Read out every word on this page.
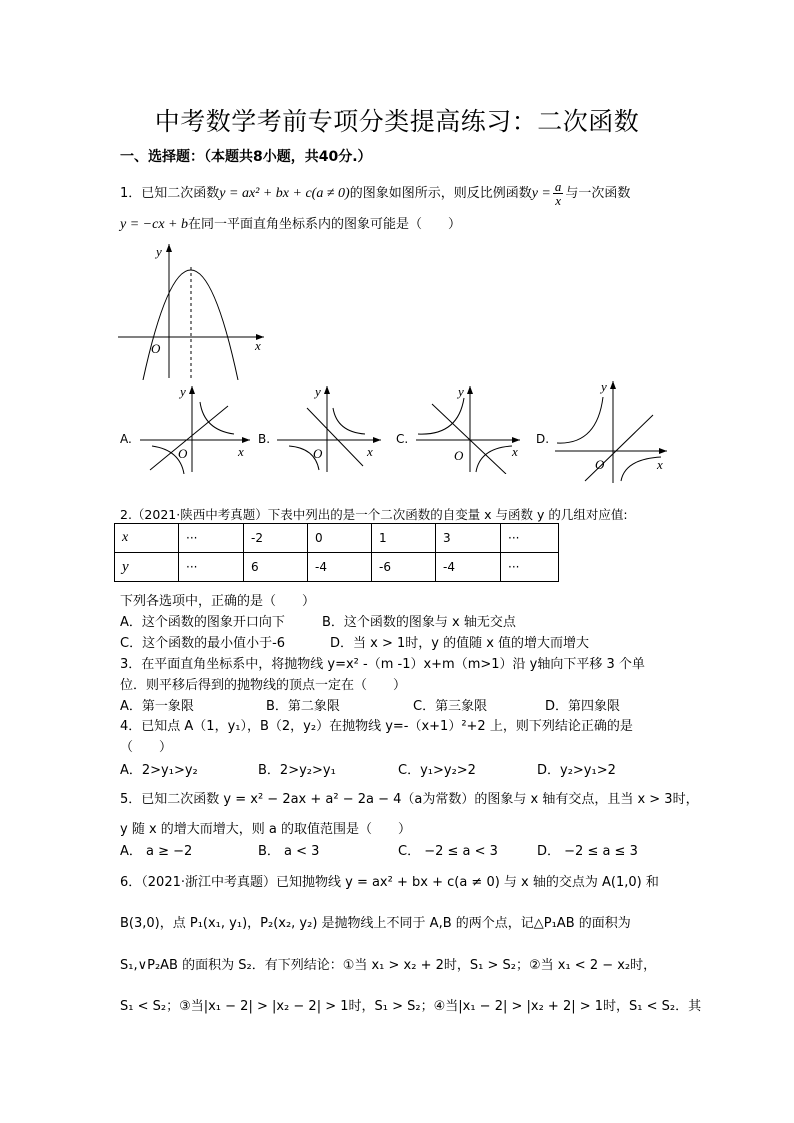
中考数学考前专项分类提高练习：二次函数
一、选择题：（本题共8小题，共40分.）
1．已知二次函数y = ax² + bx + c(a ≠ 0)的图象如图所示，则反比例函数$y = \frac{a}{x}$ 与一次函数
y = −cx + b在同一平面直角坐标系内的图象可能是（　　）
y
x
O
A.
y
x
O
B.
y
x
O
C.
y
x
O
D.
y
x
O
2.（2021·陕西中考真题）下表中列出的是一个二次函数的自变量 x 与函数 y 的几组对应值:
x	···	-2	0	1	3	···
y	···	6	-4	-6	-4	···
下列各选项中，正确的是（　　）
A．这个函数的图象开口向下	B．这个函数的图象与 x 轴无交点
C．这个函数的最小值小于-6	D．当 x > 1时，y 的值随 x 值的增大而增大
3．在平面直角坐标系中，将抛物线 y=x² -（m -1）x+m（m>1）沿 y轴向下平移 3 个单
位．则平移后得到的抛物线的顶点一定在（　　）
A．第一象限	B．第二象限	C．第三象限	D．第四象限
4．已知点 A（1，y₁），B（2，y₂）在抛物线 y=-（x+1）²+2 上，则下列结论正确的是
（　　）
A．2>y₁>y₂	B．2>y₂>y₁	C．y₁>y₂>2	D．y₂>y₁>2
5．已知二次函数 y = x² − 2ax + a² − 2a − 4（a为常数）的图象与 x 轴有交点，且当 x > 3时，
y 随 x 的增大而增大，则 a 的取值范围是（　　）
A． a ≥ −2	B． a < 3	C． −2 ≤ a < 3	D． −2 ≤ a ≤ 3
6．（2021·浙江中考真题）已知抛物线 y = ax² + bx + c(a ≠ 0) 与 x 轴的交点为 A(1,0) 和
B(3,0)，点 P₁(x₁, y₁)，P₂(x₂, y₂) 是抛物线上不同于 A,B 的两个点，记△P₁AB 的面积为
S₁,∨P₂AB 的面积为 S₂．有下列结论：①当 x₁ > x₂ + 2时，S₁ > S₂；②当 x₁ < 2 − x₂时，
S₁ < S₂；③当|x₁ − 2| > |x₂ − 2| > 1时，S₁ > S₂；④当|x₁ − 2| > |x₂ + 2| > 1时，S₁ < S₂．其
